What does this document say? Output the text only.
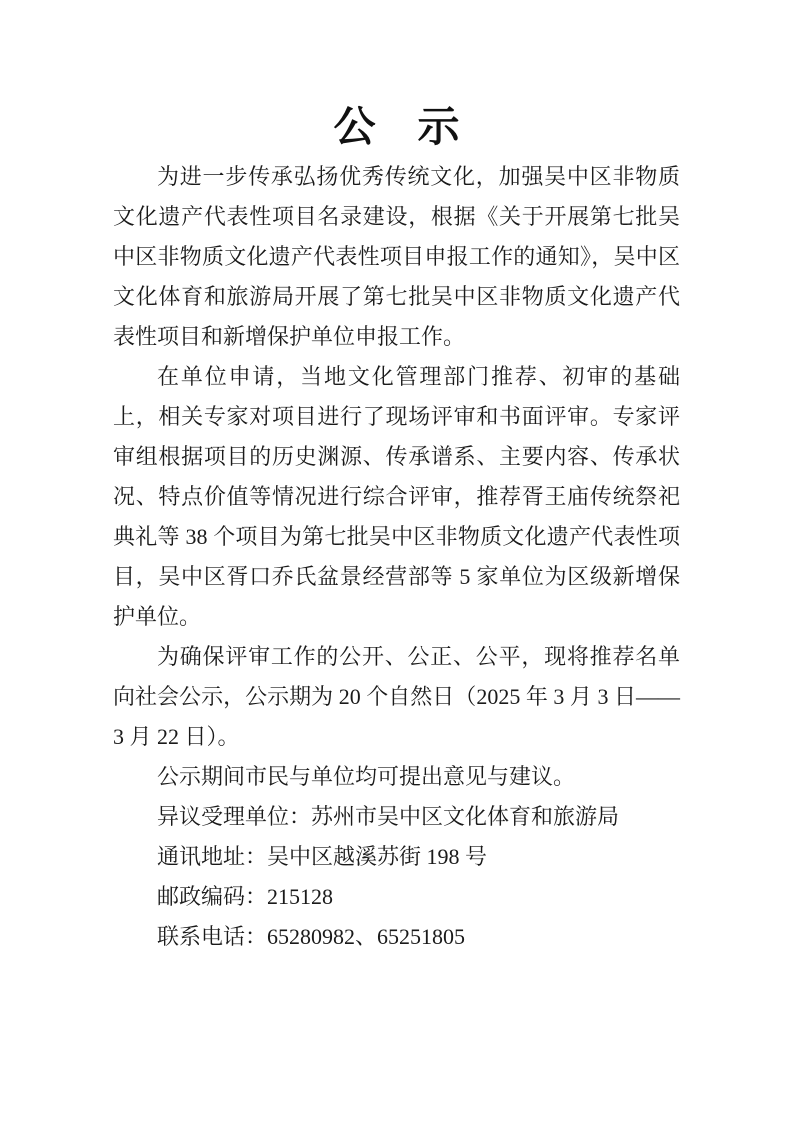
公　示

为进一步传承弘扬优秀传统文化，加强吴中区非物质文化遗产代表性项目名录建设，根据《关于开展第七批吴中区非物质文化遗产代表性项目申报工作的通知》，吴中区文化体育和旅游局开展了第七批吴中区非物质文化遗产代表性项目和新增保护单位申报工作。

在单位申请，当地文化管理部门推荐、初审的基础上，相关专家对项目进行了现场评审和书面评审。专家评审组根据项目的历史渊源、传承谱系、主要内容、传承状况、特点价值等情况进行综合评审，推荐胥王庙传统祭祀典礼等 38 个项目为第七批吴中区非物质文化遗产代表性项目，吴中区胥口乔氏盆景经营部等 5 家单位为区级新增保护单位。

为确保评审工作的公开、公正、公平，现将推荐名单向社会公示，公示期为 20 个自然日（2025 年 3 月 3 日——3 月 22 日）。

公示期间市民与单位均可提出意见与建议。

异议受理单位：苏州市吴中区文化体育和旅游局

通讯地址：吴中区越溪苏街 198 号

邮政编码：215128

联系电话：65280982、65251805
